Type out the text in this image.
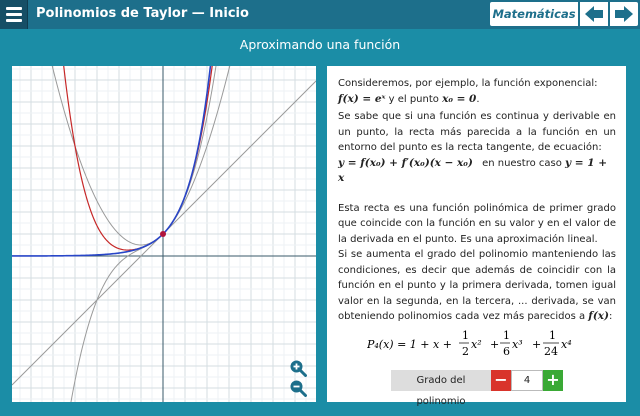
Polinomios de Taylor — Inicio	Matemáticas
Aproximando una función

Consideremos, por ejemplo, la función exponencial:
f(x) = eˣ y el punto x₀ = 0.

Se sabe que si una función es continua y derivable en un punto, la recta más parecida a la función en un entorno del punto es la recta tangente, de ecuación:

y = f(x₀) + f′(x₀)(x − x₀) en nuestro caso y = 1 + x

Esta recta es una función polinómica de primer grado que coincide con la función en su valor y en el valor de la derivada en el punto. Es una aproximación lineal.

Si se aumenta el grado del polinomio manteniendo las condiciones, es decir que además de coincidir con la función en el punto y la primera derivada, tomen igual valor en la segunda, en la tercera, ... derivada, se van obteniendo polinomios cada vez más parecidos a f(x):

P₄(x) = 1 + x +
1
2
x² +
1
6
x³ +
1
24
x⁴
Grado del polinomio
−	4	+
